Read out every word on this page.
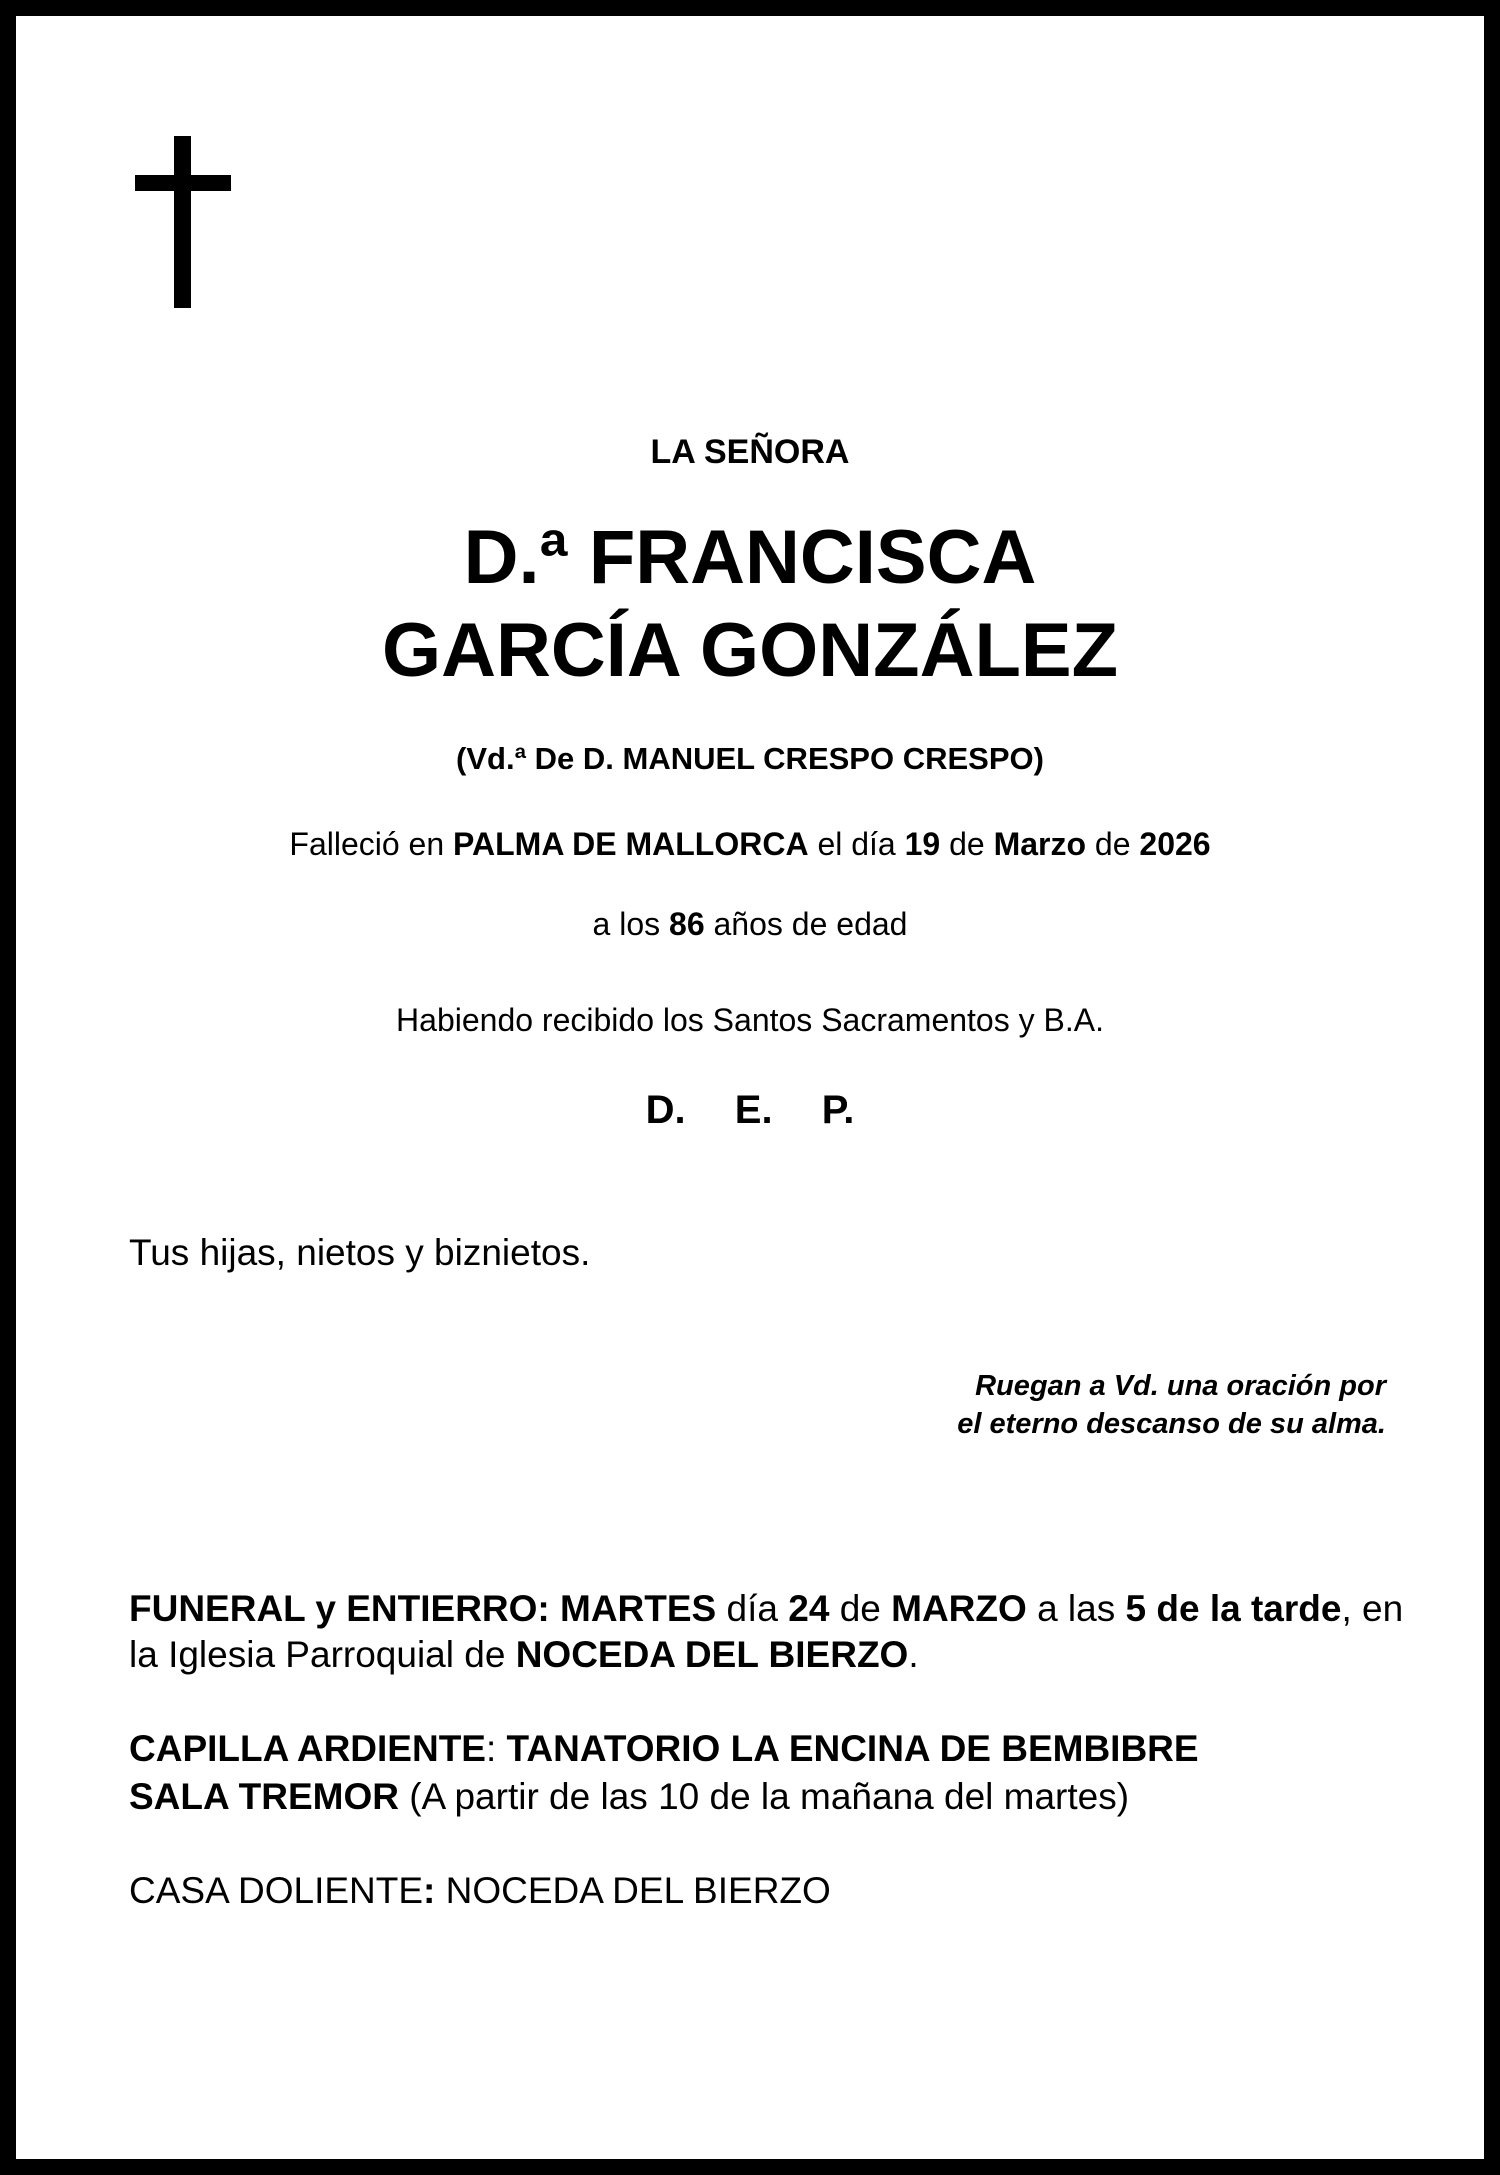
LA SEÑORA
D.ª FRANCISCA
GARCÍA GONZÁLEZ
(Vd.ª De D. MANUEL CRESPO CRESPO)
Falleció en PALMA DE MALLORCA el día 19 de Marzo de 2026
a los 86 años de edad
Habiendo recibido los Santos Sacramentos y B.A.
D. E. P.
Tus hijas, nietos y biznietos.
Ruegan a Vd. una oración por
el eterno descanso de su alma.
FUNERAL y ENTIERRO: MARTES día 24 de MARZO a las 5 de la tarde, en
la Iglesia Parroquial de NOCEDA DEL BIERZO.
CAPILLA ARDIENTE: TANATORIO LA ENCINA DE BEMBIBRE
SALA TREMOR (A partir de las 10 de la mañana del martes)
CASA DOLIENTE: NOCEDA DEL BIERZO
